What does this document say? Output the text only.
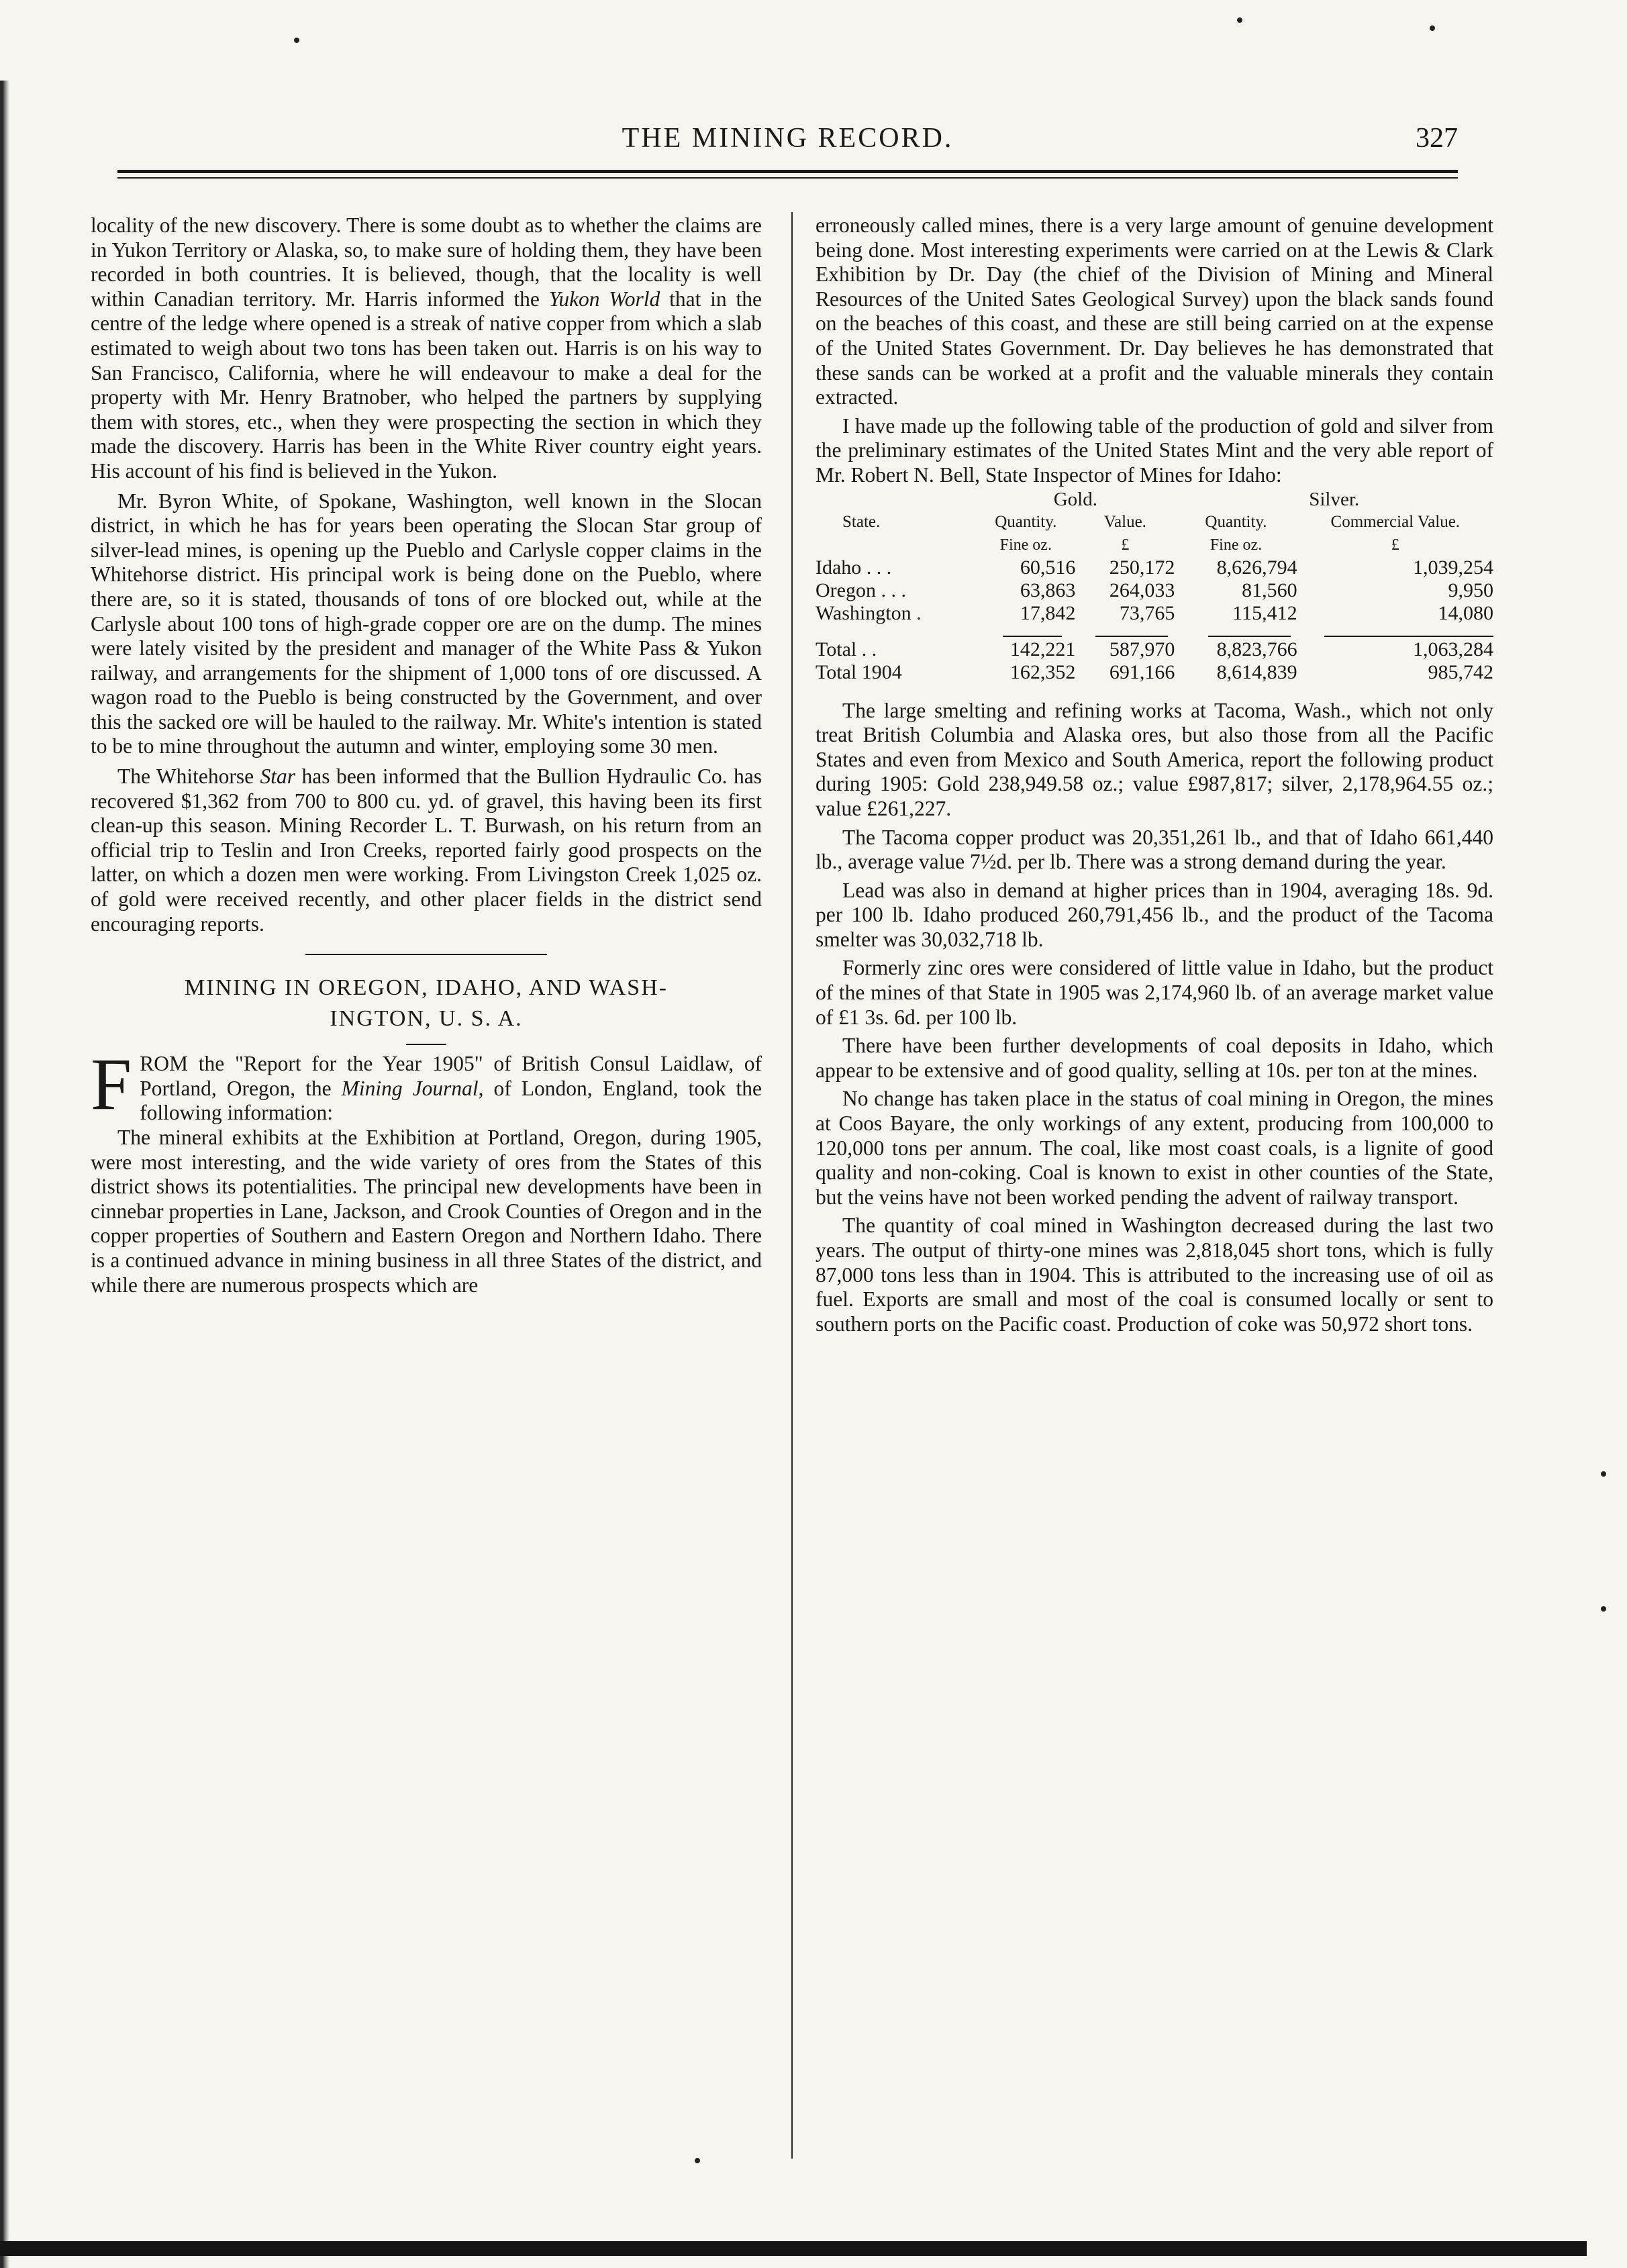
THE MINING RECORD.	327

locality of the new discovery. There is some doubt as to whether the claims are in Yukon Territory or Alaska, so, to make sure of holding them, they have been recorded in both countries. It is believed, though, that the locality is well within Canadian territory. Mr. Harris informed the Yukon World that in the centre of the ledge where opened is a streak of native copper from which a slab estimated to weigh about two tons has been taken out. Harris is on his way to San Francisco, California, where he will endeavour to make a deal for the property with Mr. Henry Bratnober, who helped the partners by supplying them with stores, etc., when they were prospecting the section in which they made the discovery. Harris has been in the White River country eight years. His account of his find is believed in the Yukon.

Mr. Byron White, of Spokane, Washington, well known in the Slocan district, in which he has for years been operating the Slocan Star group of silver-lead mines, is opening up the Pueblo and Carlysle copper claims in the Whitehorse district. His principal work is being done on the Pueblo, where there are, so it is stated, thousands of tons of ore blocked out, while at the Carlysle about 100 tons of high-grade copper ore are on the dump. The mines were lately visited by the president and manager of the White Pass & Yukon railway, and arrangements for the shipment of 1,000 tons of ore discussed. A wagon road to the Pueblo is being constructed by the Government, and over this the sacked ore will be hauled to the railway. Mr. White's intention is stated to be to mine throughout the autumn and winter, employing some 30 men.

The Whitehorse Star has been informed that the Bullion Hydraulic Co. has recovered $1,362 from 700 to 800 cu. yd. of gravel, this having been its first clean-up this season. Mining Recorder L. T. Burwash, on his return from an official trip to Teslin and Iron Creeks, reported fairly good prospects on the latter, on which a dozen men were working. From Livingston Creek 1,025 oz. of gold were received recently, and other placer fields in the district send encouraging reports.

MINING IN OREGON, IDAHO, AND WASH-
INGTON, U. S. A.

FROM the "Report for the Year 1905" of British Consul Laidlaw, of Portland, Oregon, the Mining Journal, of London, England, took the following information:

The mineral exhibits at the Exhibition at Portland, Oregon, during 1905, were most interesting, and the wide variety of ores from the States of this district shows its potentialities. The principal new developments have been in cinnebar properties in Lane, Jackson, and Crook Counties of Oregon and in the copper properties of Southern and Eastern Oregon and Northern Idaho. There is a continued advance in mining business in all three States of the district, and while there are numerous prospects which are

erroneously called mines, there is a very large amount of genuine development being done. Most interesting experiments were carried on at the Lewis & Clark Exhibition by Dr. Day (the chief of the Division of Mining and Mineral Resources of the United Sates Geological Survey) upon the black sands found on the beaches of this coast, and these are still being carried on at the expense of the United States Government. Dr. Day believes he has demonstrated that these sands can be worked at a profit and the valuable minerals they contain extracted.

I have made up the following table of the production of gold and silver from the preliminary estimates of the United States Mint and the very able report of Mr. Robert N. Bell, State Inspector of Mines for Idaho:

	Gold.		Silver.	
State.	Quantity.	Value.	Quantity.	Commercial Value.
	Fine oz.	£	Fine oz.	£
Idaho . . .	60,516	250,172	8,626,794	1,039,254
Oregon . . .	63,863	264,033	81,560	9,950
Washington .	17,842	73,765	115,412	14,080

Total . .	142,221	587,970	8,823,766	1,063,284
Total 1904	162,352	691,166	8,614,839	985,742

The large smelting and refining works at Tacoma, Wash., which not only treat British Columbia and Alaska ores, but also those from all the Pacific States and even from Mexico and South America, report the following product during 1905: Gold 238,949.58 oz.; value £987,817; silver, 2,178,964.55 oz.; value £261,227.

The Tacoma copper product was 20,351,261 lb., and that of Idaho 661,440 lb., average value 7½d. per lb. There was a strong demand during the year.

Lead was also in demand at higher prices than in 1904, averaging 18s. 9d. per 100 lb. Idaho produced 260,791,456 lb., and the product of the Tacoma smelter was 30,032,718 lb.

Formerly zinc ores were considered of little value in Idaho, but the product of the mines of that State in 1905 was 2,174,960 lb. of an average market value of £1 3s. 6d. per 100 lb.

There have been further developments of coal deposits in Idaho, which appear to be extensive and of good quality, selling at 10s. per ton at the mines.

No change has taken place in the status of coal mining in Oregon, the mines at Coos Bayare, the only workings of any extent, producing from 100,000 to 120,000 tons per annum. The coal, like most coast coals, is a lignite of good quality and non-coking. Coal is known to exist in other counties of the State, but the veins have not been worked pending the advent of railway transport.

The quantity of coal mined in Washington decreased during the last two years. The output of thirty-one mines was 2,818,045 short tons, which is fully 87,000 tons less than in 1904. This is attributed to the increasing use of oil as fuel. Exports are small and most of the coal is consumed locally or sent to southern ports on the Pacific coast. Production of coke was 50,972 short tons.
